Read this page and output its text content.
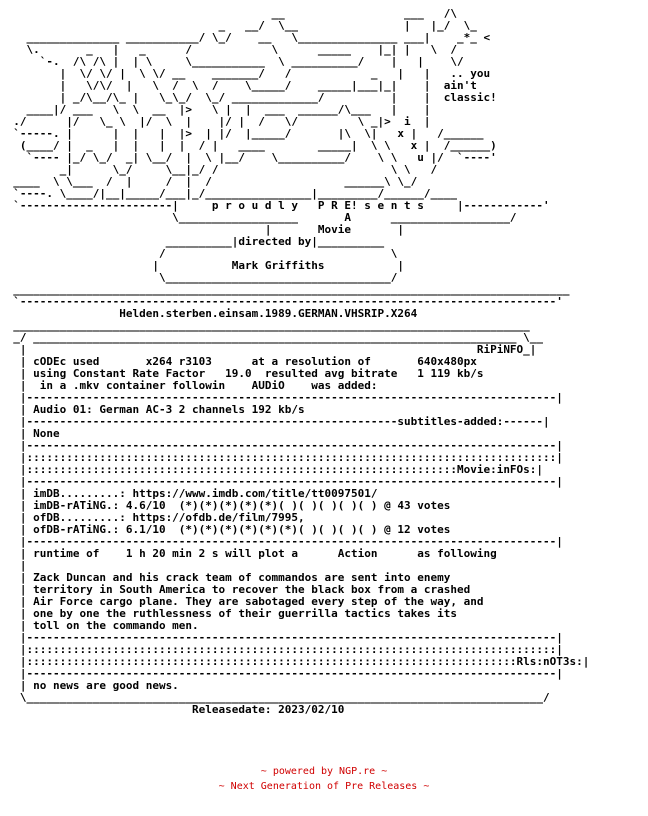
__                  ___   /\
_   __/  \__                |   |_/  \_
______________ ___________/ \_/    __   \_______________ ___|    _*_ <
\.       _   |   _      /            \      _____    |_| |   \  /
`-.  /\ /\ |  | \     \___________  \ __________/    |   |    \/
|  \/ \/ |  \ \/ __    _______/   /            _   |   |   .. you
|   \/\/  |   \  /  \  /    \_____/    _____|___|_|    |  ain't
| _/\__/\_ |   \_\_/  \_/ _____________/          |    |  classic!
____|/ ___   \  \  __  |>   \ |  |  ___  ______/\___   |    |
./      |/   \_ \  |/  \  |    |/ |  /   \/         \ _|>  i  |
`-----. |      |  |   |  |>  | |/  |_____/       |\  \|   x |   /______
(____/ |  _   |  |   |  |  / |   ____        _____|  \ \   x |  /______)
`---- |_/ \_/  _| \__/  |  \ |__/    \__________/    \ \   u |/  `----'
_|      \_/     \__|_/ /                          \ \   /
____  \ \___  /  |     /  |  /                    ______\ \_/
`----. \____/|__|_____/___|_/________________|_________/______/____
`-----------------------|     p r o u d l y   P R E! s e n t s     |------------'
\__________________       A      __________________/
|       Movie       |
__________|directed by|__________
/                                  \
|           Mark Griffiths           |
\__________________________________/
____________________________________________________________________________________
`---------------------------------------------------------------------------------'
Helden.sterben.einsam.1989.GERMAN.VHSRIP.X264
______________________________________________________________________________
_/ _________________________________________________________________________ \__
|                                                                    RiPiNFO_|
| cODEc used       x264 r3103      at a resolution of       640x480px
| using Constant Rate Factor   19.0  resulted avg bitrate   1 119 kb/s
|  in a .mkv container followin    AUDiO    was added:
|--------------------------------------------------------------------------------|
| Audio 01: German AC-3 2 channels 192 kb/s
|--------------------------------------------------------subtitles-added:------|
| None
|--------------------------------------------------------------------------------|
|::::::::::::::::::::::::::::::::::::::::::::::::::::::::::::::::::::::::::::::::|
|:::::::::::::::::::::::::::::::::::::::::::::::::::::::::::::::::Movie:inFOs:|
|--------------------------------------------------------------------------------|
| imDB.........: https://www.imdb.com/title/tt0097501/
| imDB-rATiNG.: 4.6/10  (*)(*)(*)(*)(*)( )( )( )( )( ) @ 43 votes
| ofDB.........: https://ofdb.de/film/7995,
| ofDB-rATiNG.: 6.1/10  (*)(*)(*)(*)(*)(*)( )( )( )( ) @ 12 votes
|--------------------------------------------------------------------------------|
| runtime of    1 h 20 min 2 s will plot a      Action      as following
|
| Zack Duncan and his crack team of commandos are sent into enemy
| territory in South America to recover the black box from a crashed
| Air Force cargo plane. They are sabotaged every step of the way, and
| one by one the ruthlessness of their guerrilla tactics takes its
| toll on the commando men.
|--------------------------------------------------------------------------------|
|::::::::::::::::::::::::::::::::::::::::::::::::::::::::::::::::::::::::::::::::|
|::::::::::::::::::::::::::::::::::::::::::::::::::::::::::::::::::::::::::Rls:nOT3s:|
|--------------------------------------------------------------------------------|
| no news are good news.
\______________________________________________________________________________/
Releasedate: 2023/02/10

~ powered by NGP.re ~
~ Next Generation of Pre Releases ~
